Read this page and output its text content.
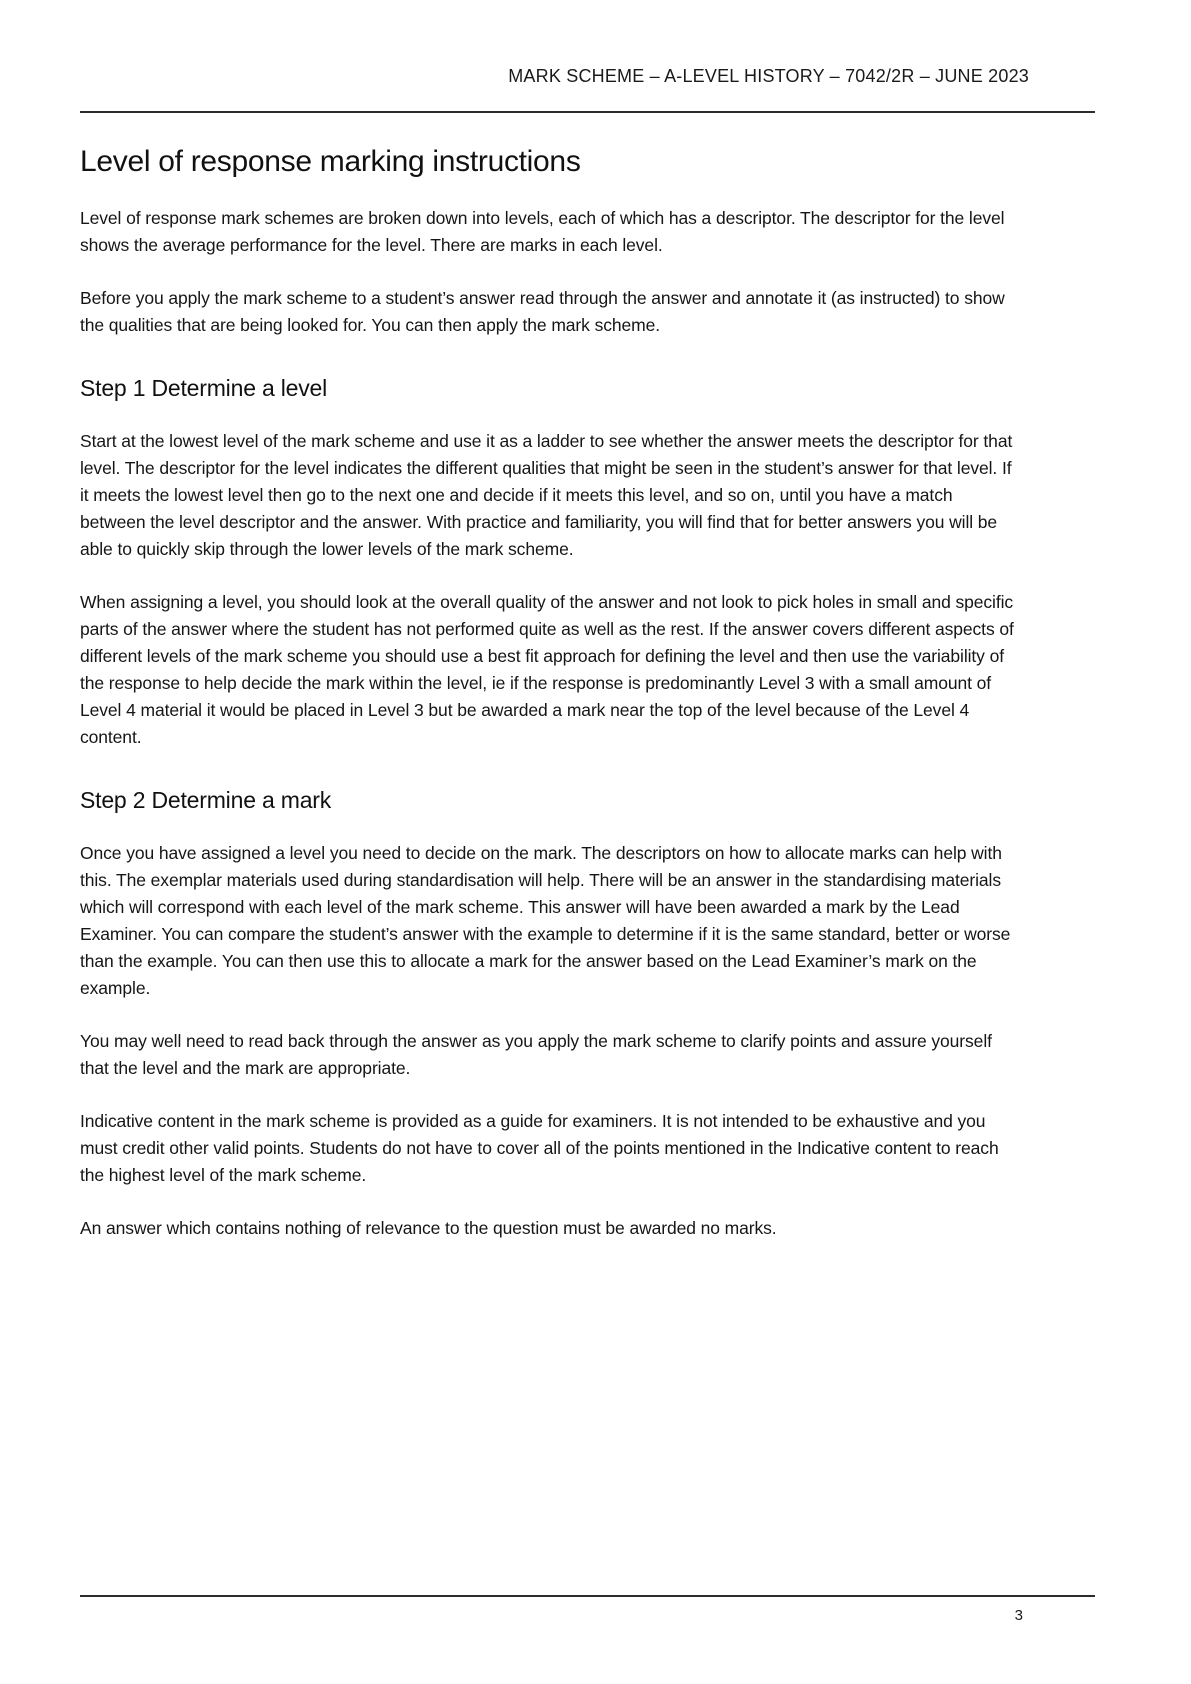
MARK SCHEME – A-LEVEL HISTORY – 7042/2R – JUNE 2023
Level of response marking instructions

Level of response mark schemes are broken down into levels, each of which has a descriptor. The descriptor for the level shows the average performance for the level. There are marks in each level.

Before you apply the mark scheme to a student’s answer read through the answer and annotate it (as instructed) to show the qualities that are being looked for. You can then apply the mark scheme.

Step 1 Determine a level

Start at the lowest level of the mark scheme and use it as a ladder to see whether the answer meets the descriptor for that level. The descriptor for the level indicates the different qualities that might be seen in the student’s answer for that level. If it meets the lowest level then go to the next one and decide if it meets this level, and so on, until you have a match between the level descriptor and the answer. With practice and familiarity, you will find that for better answers you will be able to quickly skip through the lower levels of the mark scheme.

When assigning a level, you should look at the overall quality of the answer and not look to pick holes in small and specific parts of the answer where the student has not performed quite as well as the rest. If the answer covers different aspects of different levels of the mark scheme you should use a best fit approach for defining the level and then use the variability of the response to help decide the mark within the level, ie if the response is predominantly Level 3 with a small amount of Level 4 material it would be placed in Level 3 but be awarded a mark near the top of the level because of the Level 4 content.

Step 2 Determine a mark

Once you have assigned a level you need to decide on the mark. The descriptors on how to allocate marks can help with this. The exemplar materials used during standardisation will help. There will be an answer in the standardising materials which will correspond with each level of the mark scheme. This answer will have been awarded a mark by the Lead Examiner. You can compare the student’s answer with the example to determine if it is the same standard, better or worse than the example. You can then use this to allocate a mark for the answer based on the Lead Examiner’s mark on the example.

You may well need to read back through the answer as you apply the mark scheme to clarify points and assure yourself that the level and the mark are appropriate.

Indicative content in the mark scheme is provided as a guide for examiners. It is not intended to be exhaustive and you must credit other valid points. Students do not have to cover all of the points mentioned in the Indicative content to reach the highest level of the mark scheme.

An answer which contains nothing of relevance to the question must be awarded no marks.

3
